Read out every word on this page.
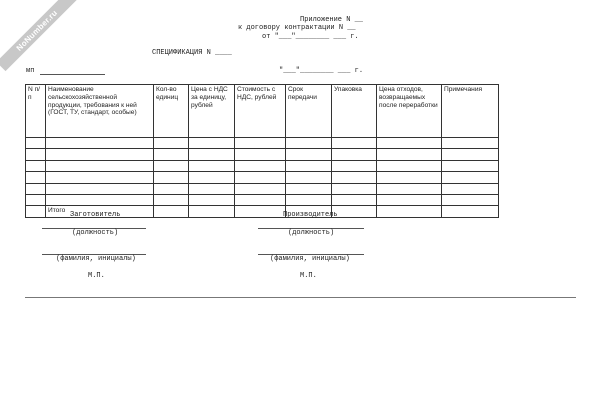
NoNumber.ru	Приложение N __
к договору контрактации N __
от "___"________ ___ г.
СПЕЦИФИКАЦИЯ N ____
мп	"___"________ ___ г.
N п/п	Наименование сельскохозяйственной продукции, требования к ней (ГОСТ, ТУ, стандарт, особые)	Кол-во единиц	Цена с НДС за единицу, рублей	Стоимость с НДС, рублей	Срок передачи	Упаковка	Цена отходов, возвращаемых после переработки	Примечания

	Итого							
Заготовитель
(должность)
(фамилия, инициалы)
М.П.
Производитель
(должность)
(фамилия, инициалы)
М.П.
